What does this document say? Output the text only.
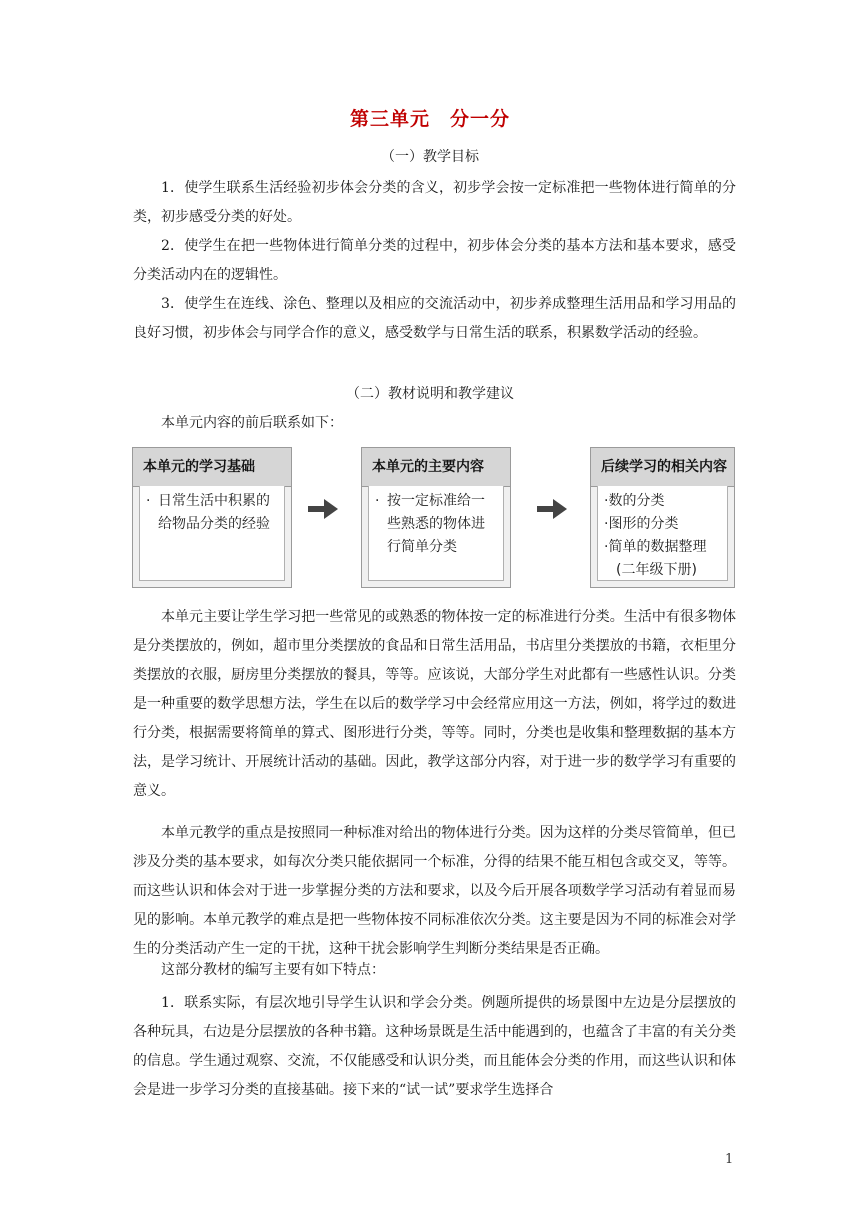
第三单元　分一分
（一）教学目标

1．使学生联系生活经验初步体会分类的含义，初步学会按一定标准把一些物体进行简单的分类，初步感受分类的好处。

2．使学生在把一些物体进行简单分类的过程中，初步体会分类的基本方法和基本要求，感受分类活动内在的逻辑性。

3．使学生在连线、涂色、整理以及相应的交流活动中，初步养成整理生活用品和学习用品的良好习惯，初步体会与同学合作的意义，感受数学与日常生活的联系，积累数学活动的经验。

（二）教材说明和教学建议

本单元内容的前后联系如下：

本单元的学习基础
· 日常生活中积累的
给物品分类的经验
本单元的主要内容
· 按一定标准给一
些熟悉的物体进
行简单分类
后续学习的相关内容
·数的分类
·图形的分类
·简单的数据整理
(二年级下册)

本单元主要让学生学习把一些常见的或熟悉的物体按一定的标准进行分类。生活中有很多物体是分类摆放的，例如，超市里分类摆放的食品和日常生活用品，书店里分类摆放的书籍，衣柜里分类摆放的衣服，厨房里分类摆放的餐具，等等。应该说，大部分学生对此都有一些感性认识。分类是一种重要的数学思想方法，学生在以后的数学学习中会经常应用这一方法，例如，将学过的数进行分类，根据需要将简单的算式、图形进行分类，等等。同时，分类也是收集和整理数据的基本方法，是学习统计、开展统计活动的基础。因此，教学这部分内容，对于进一步的数学学习有重要的意义。

本单元教学的重点是按照同一种标准对给出的物体进行分类。因为这样的分类尽管简单，但已涉及分类的基本要求，如每次分类只能依据同一个标准，分得的结果不能互相包含或交叉，等等。而这些认识和体会对于进一步掌握分类的方法和要求，以及今后开展各项数学学习活动有着显而易见的影响。本单元教学的难点是把一些物体按不同标准依次分类。这主要是因为不同的标准会对学生的分类活动产生一定的干扰，这种干扰会影响学生判断分类结果是否正确。

这部分教材的编写主要有如下特点：

1．联系实际，有层次地引导学生认识和学会分类。例题所提供的场景图中左边是分层摆放的各种玩具，右边是分层摆放的各种书籍。这种场景既是生活中能遇到的，也蕴含了丰富的有关分类的信息。学生通过观察、交流，不仅能感受和认识分类，而且能体会分类的作用，而这些认识和体会是进一步学习分类的直接基础。接下来的“试一试”要求学生选择合

1
